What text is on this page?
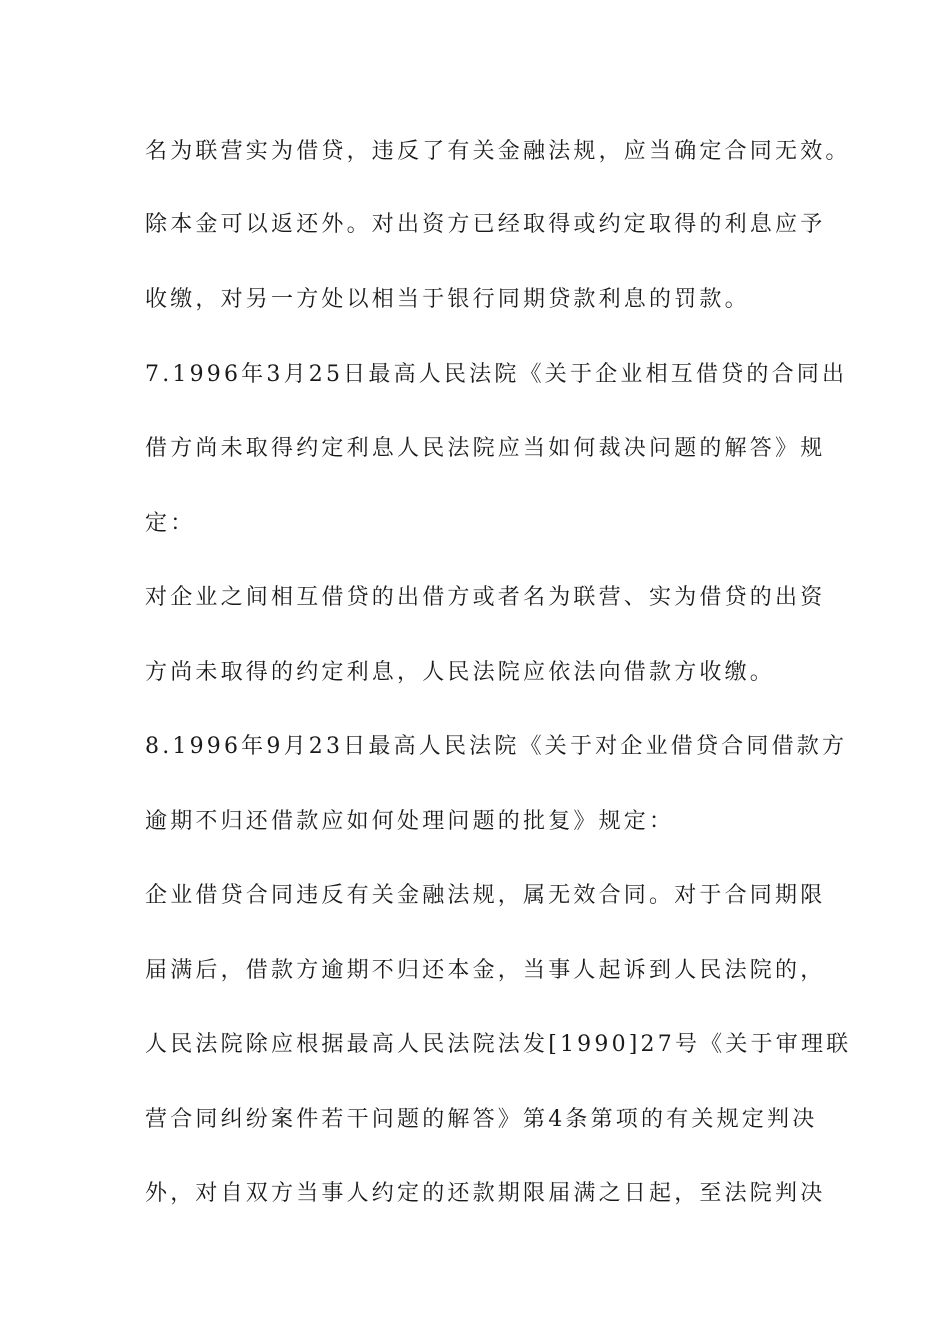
名为联营实为借贷，违反了有关金融法规，应当确定合同无效。
除本金可以返还外。对出资方已经取得或约定取得的利息应予
收缴，对另一方处以相当于银行同期贷款利息的罚款。
7.1996年3月25日最高人民法院《关于企业相互借贷的合同出
借方尚未取得约定利息人民法院应当如何裁决问题的解答》规
定：
对企业之间相互借贷的出借方或者名为联营、实为借贷的出资
方尚未取得的约定利息，人民法院应依法向借款方收缴。
8.1996年9月23日最高人民法院《关于对企业借贷合同借款方
逾期不归还借款应如何处理问题的批复》规定：
企业借贷合同违反有关金融法规，属无效合同。对于合同期限
届满后，借款方逾期不归还本金，当事人起诉到人民法院的，
人民法院除应根据最高人民法院法发[1990]27号《关于审理联
营合同纠纷案件若干问题的解答》第4条第项的有关规定判决
外，对自双方当事人约定的还款期限届满之日起，至法院判决
